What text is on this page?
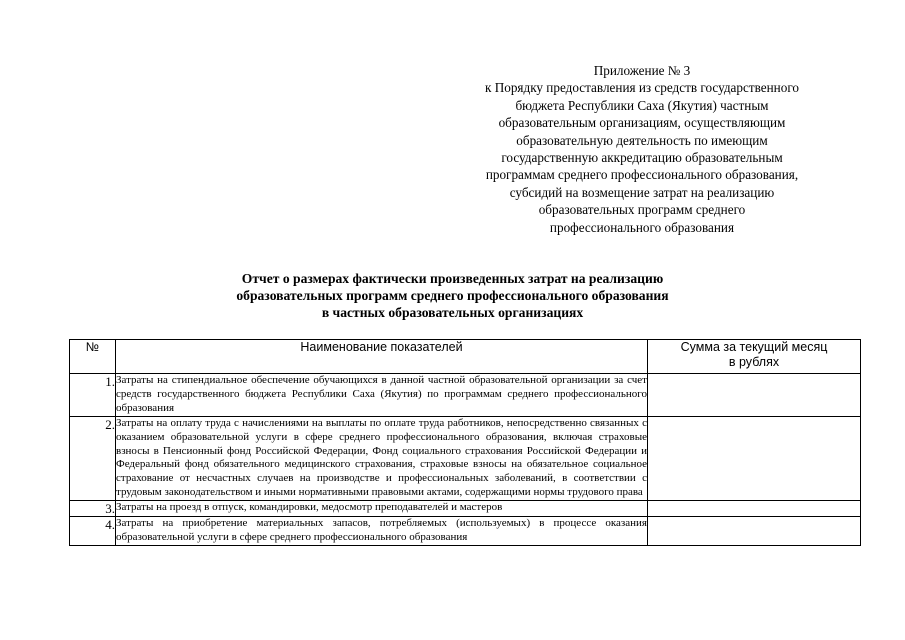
Приложение № 3
к Порядку предоставления из средств государственного
бюджета Республики Саха (Якутия) частным
образовательным организациям, осуществляющим
образовательную деятельность по имеющим
государственную аккредитацию образовательным
программам среднего профессионального образования,
субсидий на возмещение затрат на реализацию
образовательных программ среднего
профессионального образования
Отчет о размерах фактически произведенных затрат на реализацию
образовательных программ среднего профессионального образования
в частных образовательных организациях
№	Наименование показателей	Сумма за текущий месяц
в рублях

1.	Затраты на стипендиальное обеспечение обучающихся в данной частной образовательной организации за счет средств государственного бюджета Республики Саха (Якутия) по программам среднего профессионального образования	
2.	Затраты на оплату труда с начислениями на выплаты по оплате труда работников, непосредственно связанных с оказанием образовательной услуги в сфере среднего профессионального образования, включая страховые взносы в Пенсионный фонд Российской Федерации, Фонд социального страхования Российской Федерации и Федеральный фонд обязательного медицинского страхования, страховые взносы на обязательное социальное страхование от несчастных случаев на производстве и профессиональных заболеваний, в соответствии с трудовым законодательством и иными нормативными правовыми актами, содержащими нормы трудового права	
3.	Затраты на проезд в отпуск, командировки, медосмотр преподавателей и мастеров	
4.	Затраты на приобретение материальных запасов, потребляемых (используемых) в процессе оказания образовательной услуги в сфере среднего профессионального образования	
